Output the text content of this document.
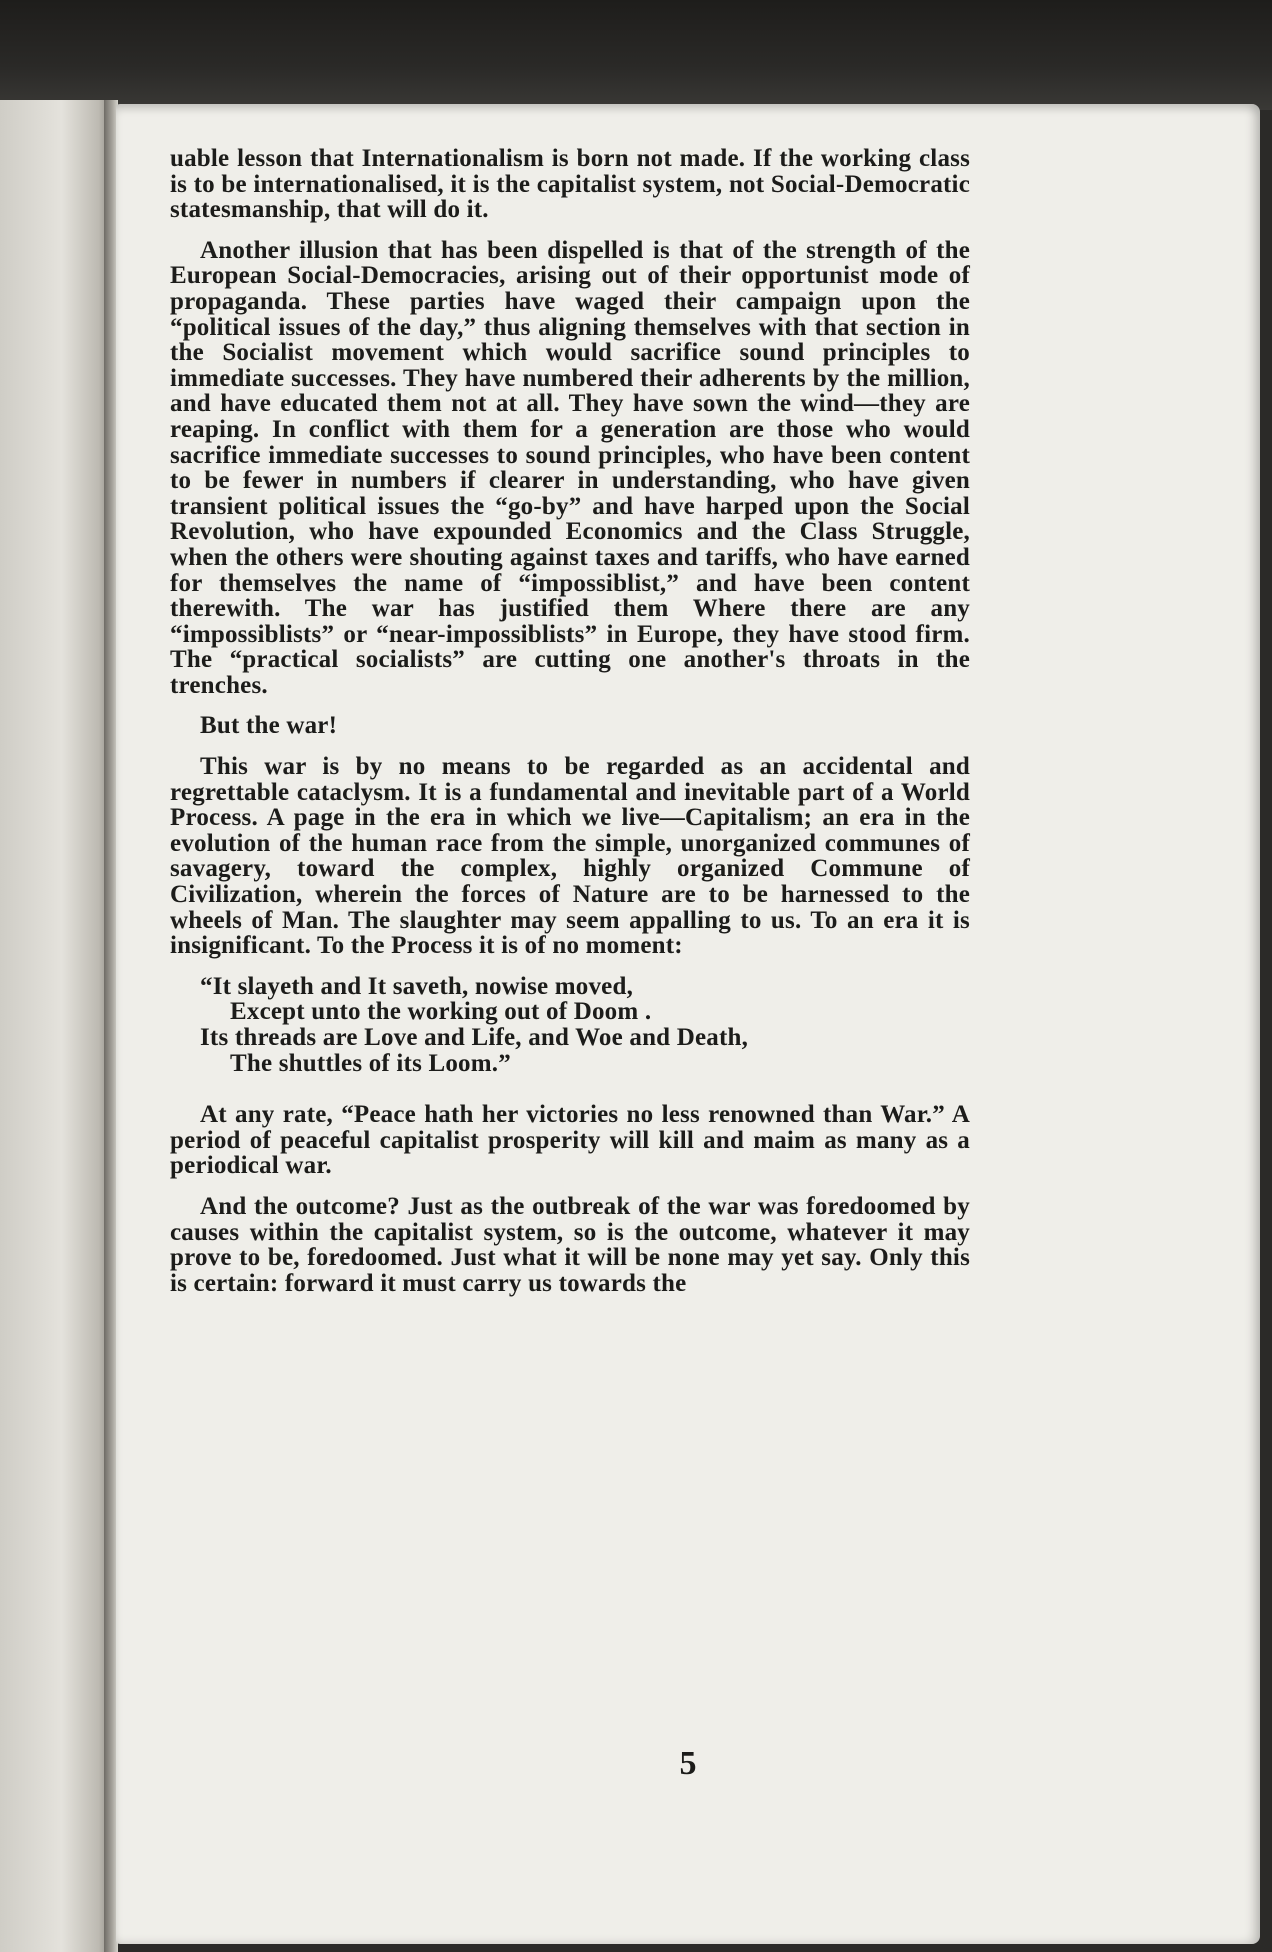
uable lesson that Internationalism is born not made. If the working class is to be internationalised, it is the capitalist system, not Social-Democratic statesmanship, that will do it.

Another illusion that has been dispelled is that of the strength of the European Social-Democracies, arising out of their opportunist mode of propaganda. These parties have waged their campaign upon the “political issues of the day,” thus aligning themselves with that section in the Socialist movement which would sacrifice sound principles to immediate successes. They have numbered their adherents by the million, and have educated them not at all. They have sown the wind—they are reaping. In conflict with them for a generation are those who would sacrifice immediate successes to sound principles, who have been content to be fewer in numbers if clearer in understanding, who have given transient political issues the “go-by” and have harped upon the Social Revolution, who have expounded Economics and the Class Struggle, when the others were shouting against taxes and tariffs, who have earned for themselves the name of “impossiblist,” and have been content therewith. The war has justified them Where there are any “impossiblists” or “near-impossiblists” in Europe, they have stood firm. The “practical socialists” are cutting one another's throats in the trenches.

But the war!

This war is by no means to be regarded as an accidental and regrettable cataclysm. It is a fundamental and inevitable part of a World Process. A page in the era in which we live—Capitalism; an era in the evolution of the human race from the simple, unorganized communes of savagery, toward the complex, highly organized Commune of Civilization, wherein the forces of Nature are to be harnessed to the wheels of Man. The slaughter may seem appalling to us. To an era it is insignificant. To the Process it is of no moment:

“It slayeth and It saveth, nowise moved,
Except unto the working out of Doom .
Its threads are Love and Life, and Woe and Death,
The shuttles of its Loom.”

At any rate, “Peace hath her victories no less renowned than War.” A period of peaceful capitalist prosperity will kill and maim as many as a periodical war.

And the outcome? Just as the outbreak of the war was foredoomed by causes within the capitalist system, so is the outcome, whatever it may prove to be, foredoomed. Just what it will be none may yet say. Only this is certain: forward it must carry us towards the

5
